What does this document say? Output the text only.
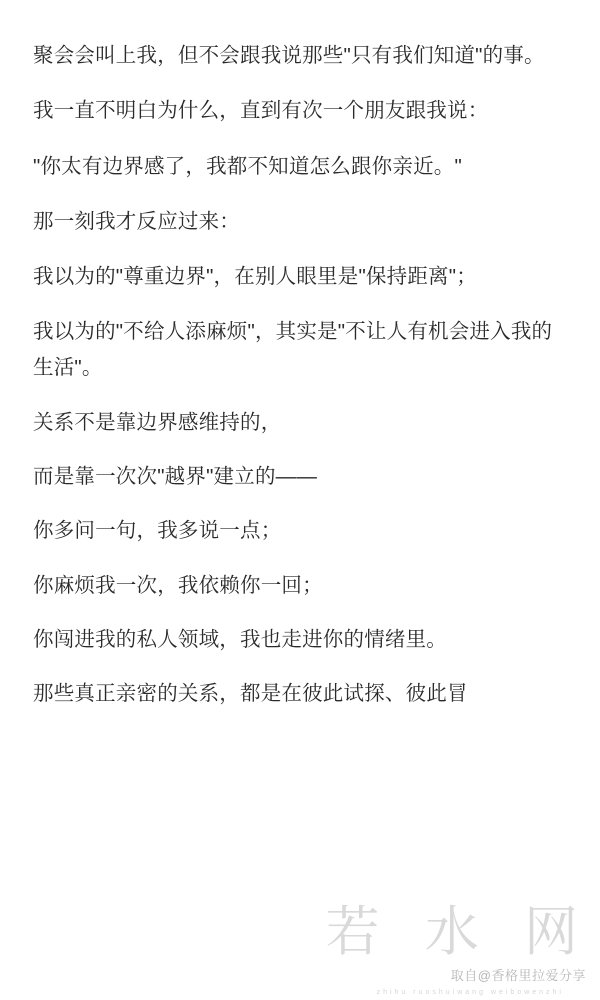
聚会会叫上我，但不会跟我说那些"只有我们知道"的事。

我一直不明白为什么，直到有次一个朋友跟我说：

"你太有边界感了，我都不知道怎么跟你亲近。"

那一刻我才反应过来：

我以为的"尊重边界"，在别人眼里是"保持距离"；

我以为的"不给人添麻烦"，其实是"不让人有机会进入我的生活"。

关系不是靠边界感维持的，

而是靠一次次"越界"建立的——

你多问一句，我多说一点；

你麻烦我一次，我依赖你一回；

你闯进我的私人领域，我也走进你的情绪里。

那些真正亲密的关系，都是在彼此试探、彼此冒

若 水 网
取自@香格里拉爱分享
zhihu ruoshuiwang weibowenzhi
